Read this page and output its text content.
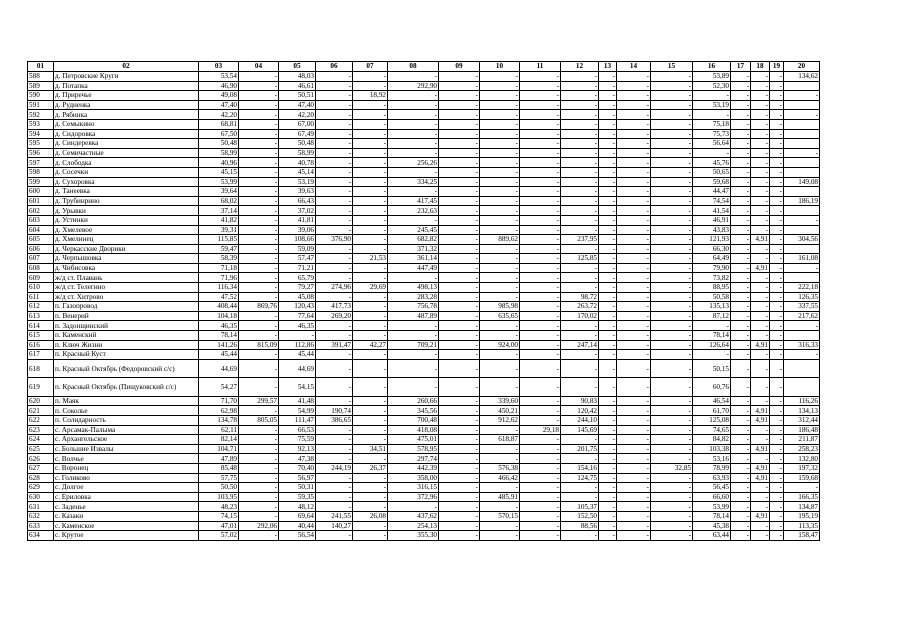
01	02	03	04	05	06	07	08	09	10	11	12	13	14	15	16	17	18	19	20
588	д. Петровские Круги	53,54	-	48,03	-	-	-	-	-	-	-	-	-	-	53,89	-	-	-	134,62
589	д. Потапка	46,90	-	46,61	-	-	292,90	-	-	-	-	-	-	-	52,30	-	-	-	
590	д. Приречье	49,08	-	50,51	-	18,92	-	-	-	-	-	-	-	-	-	-	-	-	-
591	д. Рудненка	47,40	-	47,40	-	-	-	-	-	-	-	-	-	-	53,19	-	-	-	
592	д. Рябинка	42,20	-	42,20	-	-	-	-	-	-	-	-	-	-	-	-	-	-	-
593	д. Семыкино	68,81	-	67,00	-	-	-	-	-	-	-	-	-	-	75,18	-	-	-	
594	д. Сидоровка	67,50	-	67,49	-	-	-	-	-	-	-	-	-	-	75,73	-	-	-	
595	д. Синдеревка	50,48	-	50,48	-	-	-	-	-	-	-	-	-	-	56,64	-	-	-	
596	д. Семичастные	58,99	-	58,99	-	-	-	-	-	-	-	-	-	-	-	-	-	-	-
597	д. Слободка	40,96	-	40,78	-	-	256,26	-	-	-	-	-	-	-	45,76	-	-	-	
598	д. Сосечки	45,15	-	45,14	-	-	-	-	-	-	-	-	-	-	50,65	-	-	-	
599	д. Сухоровка	53,99	-	53,19	-	-	334,25	-	-	-	-	-	-	-	59,68	-	-	-	149,08
600	д. Танеевка	39,64	-	39,63	-	-	-	-	-	-	-	-	-	-	44,47	-	-	-	
601	д. Трубинрино	68,02	-	66,43	-	-	417,45	-	-	-	-	-	-	-	74,54	-	-	-	186,19
602	д. Урывки	37,14	-	37,02	-	-	232,63	-	-	-	-	-	-	-	41,54	-	-	-	
603	д. Устинки	41,82	-	41,81	-	-	-	-	-	-	-	-	-	-	46,91	-	-	-	-
604	д. Хмелевое	39,31	-	39,06	-	-	245,45	-	-	-	-	-	-	-	43,83	-	-	-	
605	д. Хмелинец	115,85	-	108,66	376,90	-	682,82	-	889,62	-	237,95	-	-	-	121,93	-	4,91	-	304,56
606	д. Черкасские Дворики	59,47	-	59,09	-	-	371,32	-	-	-	-	-	-	-	66,30	-	-	-	
607	д. Черпышовка	58,39	-	57,47	-	21,53	361,14	-	-	-	125,85	-	-	-	64,49	-	-	-	161,08
608	д. Чибисовка	71,18	-	71,21	-	-	447,49	-	-	-	-	-	-	-	79,90	-	4,91	-	-
609	ж/д ст. Плавань	71,96	-	65,79	-	-	-	-	-	-	-	-	-	-	73,82	-	-	-	
610	ж/д ст. Телегино	116,34	-	79,27	274,96	29,69	498,13	-	-	-	-	-	-	-	88,95	-	-	-	222,18
611	ж/д ст. Хитрово	47,52	-	45,08	-	-	283,28	-	-	-	98,72	-	-	-	50,58	-	-	-	126,35
612	п. Газопровод	408,44	869,76	120,43	417,73	-	756,78	-	985,98	-	263,72	-	-	-	135,13	-	-	-	337,55
613	п. Венерий	104,18	-	77,64	269,20	-	487,89	-	635,65	-	170,02	-	-	-	87,12	-	-	-	217,62
614	п. Задонщинский	46,35	-	46,35	-	-	-	-	-	-	-	-	-	-	-	-	-	-	-
615	п. Каменский	78,14	-	-	-	-	-	-	-	-	-	-	-	-	78,14	-	-	-	
616	п. Ключ Жизни	141,26	815,09	112,86	391,47	42,27	709,21	-	924,00	-	247,14	-	-	-	126,64	-	4,91	-	316,33
617	п. Красный Куст	45,44	-	45,44	-	-	-	-	-	-	-	-	-	-	-	-	-	-	-
618	п. Красный Октябрь (Федоровский с/с)	44,69	-	44,69	-	-	-	-	-	-	-	-	-	-	50,15	-	-	-	
619	п. Красный Октябрь (Пищуковский с/с)	54,27	-	54,15	-	-	-	-	-	-	-	-	-	-	60,76	-	-	-	
620	п. Маяк	71,70	299,57	41,48	-	-	260,66	-	339,60	-	90,83	-	-	-	46,54	-	-	-	116,26
621	п. Соколье	62,98	-	54,99	190,74	-	345,56	-	450,21	-	120,42	-	-	-	61,70	-	4,91	-	134,13
622	п. Солидарность	134,78	805,05	111,47	386,65	-	700,48	-	912,62	-	244,10	-	-	-	125,08	-	4,91	-	312,44
623	с. Арсамак-Палыма	62,11	-	66,53	-	-	418,08	-	-	29,18	145,69	-	-	-	74,65	-	-	-	186,48
624	с. Архангельское	82,14	-	75,59	-	-	475,01	-	618,87	-	-	-	-	-	84,82	-	-	-	211,87
625	с. Большие Извалы	104,71	-	92,13	-	34,51	578,95	-	-	-	201,75	-	-	-	103,38	-	4,91	-	258,23
626	с. Волчье	47,89	-	47,38	-	-	297,74	-	-	-	-	-	-	-	53,16	-	-	-	132,80
627	с. Воронец	85,48	-	70,40	244,19	26,37	442,39	-	576,38	-	154,16	-	-	32,85	78,99	-	4,91	-	197,32
628	с. Голиково	57,75	-	56,97	-	-	358,00	-	466,42	-	124,75	-	-	-	63,93	-	4,91	-	159,68
629	с. Долгое	50,50	-	50,31	-	-	316,15	-	-	-	-	-	-	-	56,45	-	-	-	-
630	с. Ериловка	103,95	-	59,35	-	-	372,96	-	485,91	-	-	-	-	-	66,60	-	-	-	166,35
631	с. Заденье	48,23	-	48,12	-	-	-	-	-	-	105,37	-	-	-	53,99	-	-	-	134,87
632	с. Казаки	74,15	-	69,64	241,55	26,08	437,62	-	570,15	-	152,50	-	-	-	78,14	-	4,91	-	195,19
633	с. Каменское	47,01	292,06	40,44	140,27	-	254,13	-	-	-	88,56	-	-	-	45,38	-	-	-	113,35
634	с. Крутое	57,02	-	56,54	-	-	355,30	-	-	-	-	-	-	-	63,44	-	-	-	158,47
